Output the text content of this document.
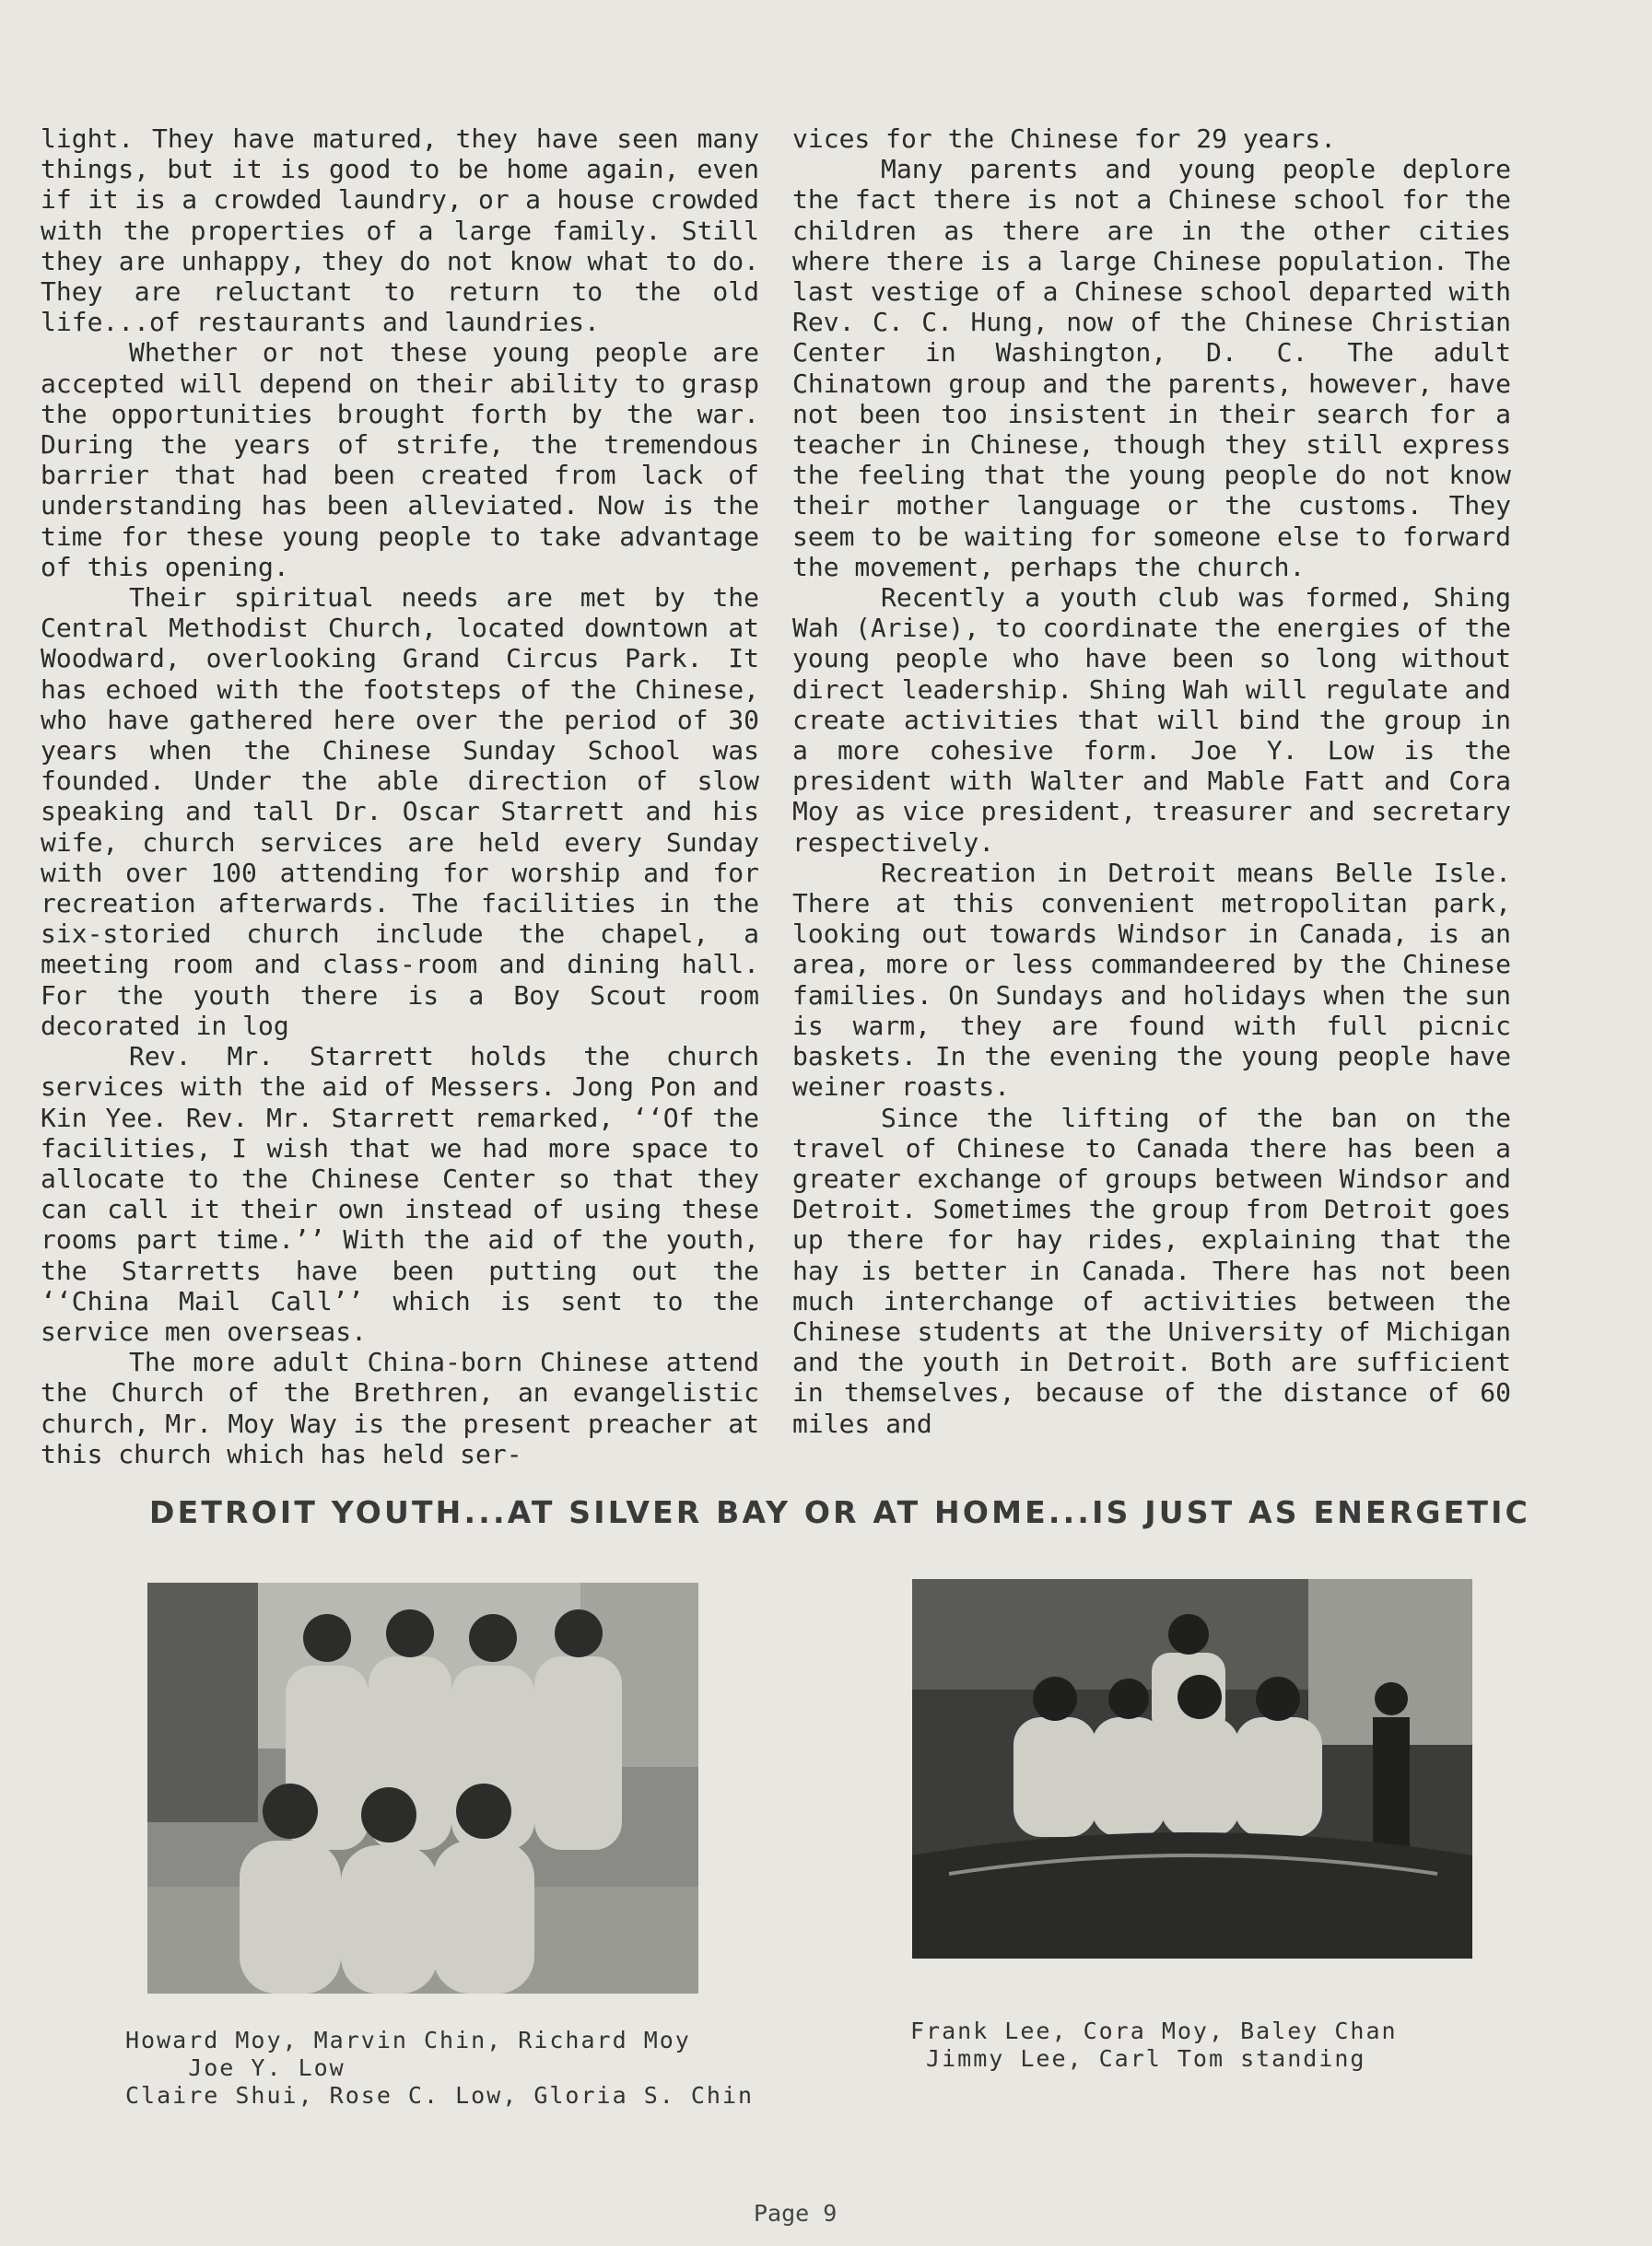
light. They have matured, they have seen many things, but it is good to be home again, even if it is a crowded laundry, or a house crowded with the properties of a large family. Still they are unhappy, they do not know what to do. They are reluctant to return to the old life...of restaurants and laundries.

Whether or not these young people are accepted will depend on their ability to grasp the opportunities brought forth by the war. During the years of strife, the tremendous barrier that had been created from lack of understanding has been alleviated. Now is the time for these young people to take advantage of this opening.

Their spiritual needs are met by the Central Methodist Church, located downtown at Woodward, overlooking Grand Circus Park. It has echoed with the footsteps of the Chinese, who have gathered here over the period of 30 years when the Chinese Sunday School was founded. Under the able direction of slow speaking and tall Dr. Oscar Starrett and his wife, church services are held every Sunday with over 100 attending for worship and for recreation afterwards. The facilities in the six-storied church include the chapel, a meeting room and class-room and dining hall. For the youth there is a Boy Scout room decorated in log

Rev. Mr. Starrett holds the church services with the aid of Messers. Jong Pon and Kin Yee. Rev. Mr. Starrett remarked, ‘‘Of the facilities, I wish that we had more space to allocate to the Chinese Center so that they can call it their own instead of using these rooms part time.’’ With the aid of the youth, the Starretts have been putting out the ‘‘China Mail Call’’ which is sent to the service men overseas.

The more adult China-born Chinese attend the Church of the Brethren, an evangelistic church, Mr. Moy Way is the present preacher at this church which has held ser-

vices for the Chinese for 29 years.

Many parents and young people deplore the fact there is not a Chinese school for the children as there are in the other cities where there is a large Chinese population. The last vestige of a Chinese school departed with Rev. C. C. Hung, now of the Chinese Christian Center in Washington, D. C. The adult Chinatown group and the parents, however, have not been too insistent in their search for a teacher in Chinese, though they still express the feeling that the young people do not know their mother language or the customs. They seem to be waiting for someone else to forward the movement, perhaps the church.

Recently a youth club was formed, Shing Wah (Arise), to coordinate the energies of the young people who have been so long without direct leadership. Shing Wah will regulate and create activities that will bind the group in a more cohesive form. Joe Y. Low is the president with Walter and Mable Fatt and Cora Moy as vice president, treasurer and secretary respectively.

Recreation in Detroit means Belle Isle. There at this convenient metropolitan park, looking out towards Windsor in Canada, is an area, more or less commandeered by the Chinese families. On Sundays and holidays when the sun is warm, they are found with full picnic baskets. In the evening the young people have weiner roasts.

Since the lifting of the ban on the travel of Chinese to Canada there has been a greater exchange of groups between Windsor and Detroit. Sometimes the group from Detroit goes up there for hay rides, explaining that the hay is better in Canada. There has not been much interchange of activities between the Chinese students at the University of Michigan and the youth in Detroit. Both are sufficient in themselves, because of the distance of 60 miles and

DETROIT YOUTH...AT SILVER BAY OR AT HOME...IS JUST AS ENERGETIC
Howard Moy, Marvin Chin, Richard Moy
Joe Y. Low
Claire Shui, Rose C. Low, Gloria S. Chin
Frank Lee, Cora Moy, Baley Chan
Jimmy Lee, Carl Tom standing
Page 9
